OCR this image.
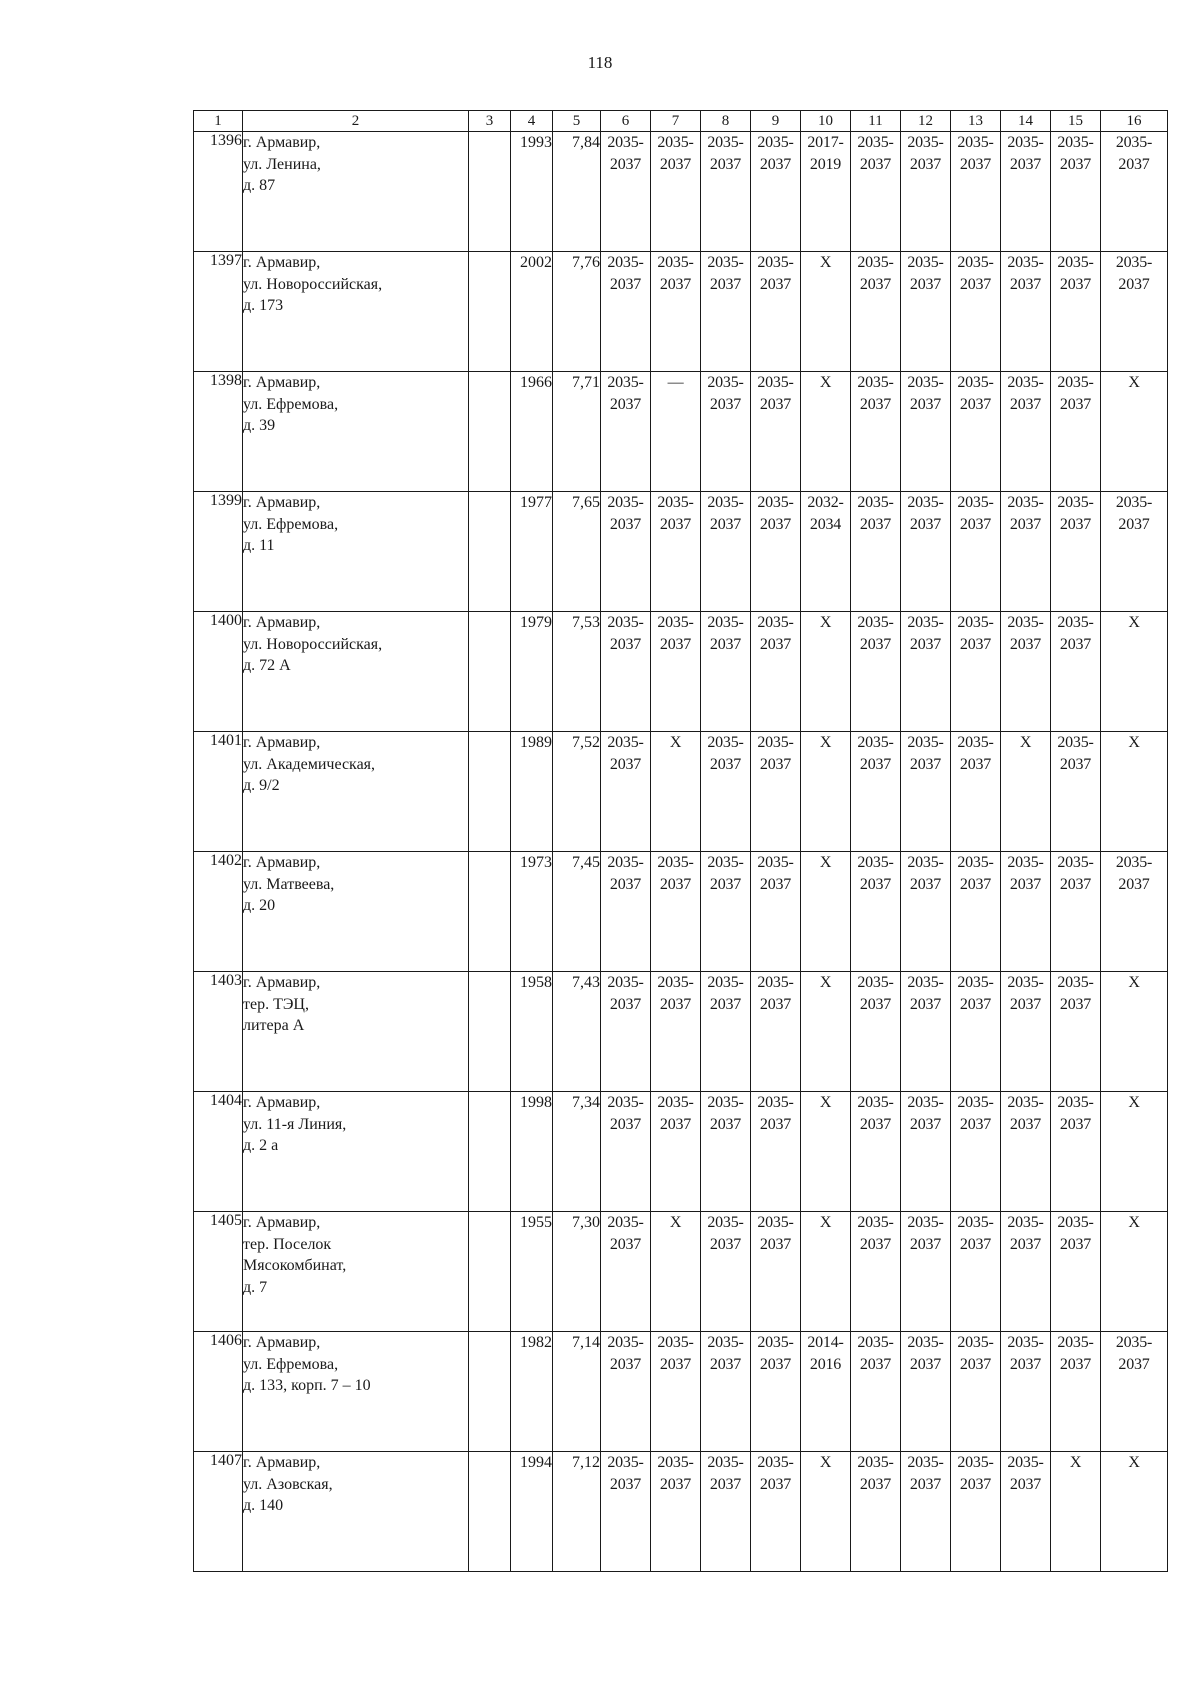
118
1	2	3	4	5	6	7	8	9	10	11	12	13	14	15	16
1396	г. Армавир,
ул. Ленина,
д. 87		1993	7,84	2035-
2037	2035-
2037	2035-
2037	2035-
2037	2017-
2019	2035-
2037	2035-
2037	2035-
2037	2035-
2037	2035-
2037	2035-
2037

1397	г. Армавир,
ул. Новороссийская,
д. 173		2002	7,76	2035-
2037	2035-
2037	2035-
2037	2035-
2037	X	2035-
2037	2035-
2037	2035-
2037	2035-
2037	2035-
2037	2035-
2037

1398	г. Армавир,
ул. Ефремова,
д. 39		1966	7,71	2035-
2037	—	2035-
2037	2035-
2037	X	2035-
2037	2035-
2037	2035-
2037	2035-
2037	2035-
2037	X

1399	г. Армавир,
ул. Ефремова,
д. 11		1977	7,65	2035-
2037	2035-
2037	2035-
2037	2035-
2037	2032-
2034	2035-
2037	2035-
2037	2035-
2037	2035-
2037	2035-
2037	2035-
2037

1400	г. Армавир,
ул. Новороссийская,
д. 72 А		1979	7,53	2035-
2037	2035-
2037	2035-
2037	2035-
2037	X	2035-
2037	2035-
2037	2035-
2037	2035-
2037	2035-
2037	X

1401	г. Армавир,
ул. Академическая,
д. 9/2		1989	7,52	2035-
2037	X	2035-
2037	2035-
2037	X	2035-
2037	2035-
2037	2035-
2037	X	2035-
2037	X

1402	г. Армавир,
ул. Матвеева,
д. 20		1973	7,45	2035-
2037	2035-
2037	2035-
2037	2035-
2037	X	2035-
2037	2035-
2037	2035-
2037	2035-
2037	2035-
2037	2035-
2037

1403	г. Армавир,
тер. ТЭЦ,
литера А		1958	7,43	2035-
2037	2035-
2037	2035-
2037	2035-
2037	X	2035-
2037	2035-
2037	2035-
2037	2035-
2037	2035-
2037	X

1404	г. Армавир,
ул. 11-я Линия,
д. 2 а		1998	7,34	2035-
2037	2035-
2037	2035-
2037	2035-
2037	X	2035-
2037	2035-
2037	2035-
2037	2035-
2037	2035-
2037	X

1405	г. Армавир,
тер. Поселок
Мясокомбинат,
д. 7		1955	7,30	2035-
2037	X	2035-
2037	2035-
2037	X	2035-
2037	2035-
2037	2035-
2037	2035-
2037	2035-
2037	X

1406	г. Армавир,
ул. Ефремова,
д. 133, корп. 7 – 10		1982	7,14	2035-
2037	2035-
2037	2035-
2037	2035-
2037	2014-
2016	2035-
2037	2035-
2037	2035-
2037	2035-
2037	2035-
2037	2035-
2037

1407	г. Армавир,
ул. Азовская,
д. 140		1994	7,12	2035-
2037	2035-
2037	2035-
2037	2035-
2037	X	2035-
2037	2035-
2037	2035-
2037	2035-
2037	X	X
